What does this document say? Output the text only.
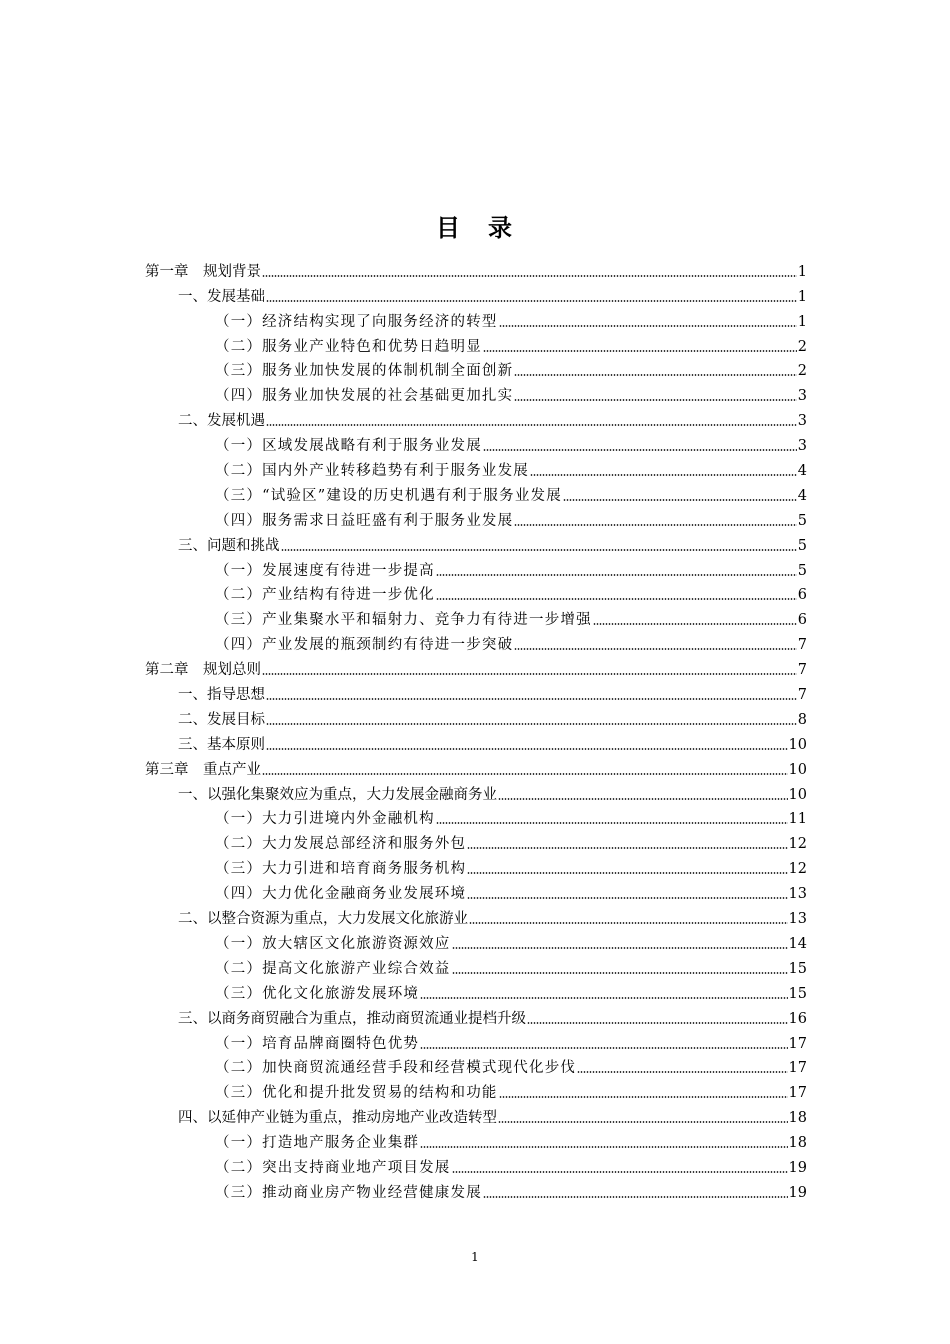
目　录
第一章　规划背景	1
一、发展基础	1
（一）经济结构实现了向服务经济的转型	1
（二）服务业产业特色和优势日趋明显	2
（三）服务业加快发展的体制机制全面创新	2
（四）服务业加快发展的社会基础更加扎实	3
二、发展机遇	3
（一）区域发展战略有利于服务业发展	3
（二）国内外产业转移趋势有利于服务业发展	4
（三）“试验区”建设的历史机遇有利于服务业发展	4
（四）服务需求日益旺盛有利于服务业发展	5
三、问题和挑战	5
（一）发展速度有待进一步提高	5
（二）产业结构有待进一步优化	6
（三）产业集聚水平和辐射力、竞争力有待进一步增强	6
（四）产业发展的瓶颈制约有待进一步突破	7
第二章　规划总则	7
一、指导思想	7
二、发展目标	8
三、基本原则	10
第三章　重点产业	10
一、以强化集聚效应为重点，大力发展金融商务业	10
（一）大力引进境内外金融机构	11
（二）大力发展总部经济和服务外包	12
（三）大力引进和培育商务服务机构	12
（四）大力优化金融商务业发展环境	13
二、以整合资源为重点，大力发展文化旅游业	13
（一）放大辖区文化旅游资源效应	14
（二）提高文化旅游产业综合效益	15
（三）优化文化旅游发展环境	15
三、以商务商贸融合为重点，推动商贸流通业提档升级	16
（一）培育品牌商圈特色优势	17
（二）加快商贸流通经营手段和经营模式现代化步伐	17
（三）优化和提升批发贸易的结构和功能	17
四、以延伸产业链为重点，推动房地产业改造转型	18
（一）打造地产服务企业集群	18
（二）突出支持商业地产项目发展	19
（三）推动商业房产物业经营健康发展	19
1
